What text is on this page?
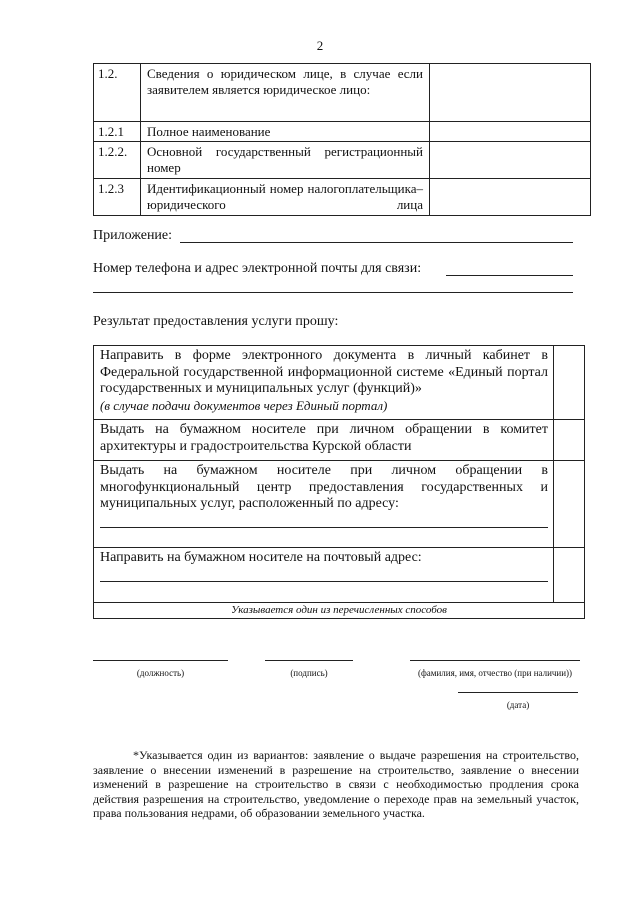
2
1.2.	Сведения о юридическом лице, в случае если заявителем является юридическое лицо:	
1.2.1	Полное наименование	
1.2.2.	Основной государственный регистрационный номер	
1.2.3	Идентификационный номер налогоплательщика– юридического лица	
Приложение:
Номер телефона и адрес электронной почты для связи:
Результат предоставления услуги прошу:
Направить в форме электронного документа в личный кабинет в Федеральной государственной информационной системе «Единый портал государственных и муниципальных услуг (функций)»
(в случае подачи документов через Единый портал)	
Выдать на бумажном носителе при личном обращении в комитет архитектуры и градостроительства Курской области	
Выдать на бумажном носителе при личном обращении в многофункциональный центр предоставления государственных и муниципальных услуг, расположенный по адресу:

Направить на бумажном носителе на почтовый адрес:

Указывается один из перечисленных способов	
(должность)	(подпись)	(фамилия, имя, отчество (при наличии))
(дата)
*Указывается один из вариантов: заявление о выдаче разрешения на строительство, заявление о внесении изменений в разрешение на строительство, заявление о внесении изменений в разрешение на строительство в связи с необходимостью продления срока действия разрешения на строительство, уведомление о переходе прав на земельный участок, права пользования недрами, об образовании земельного участка.
